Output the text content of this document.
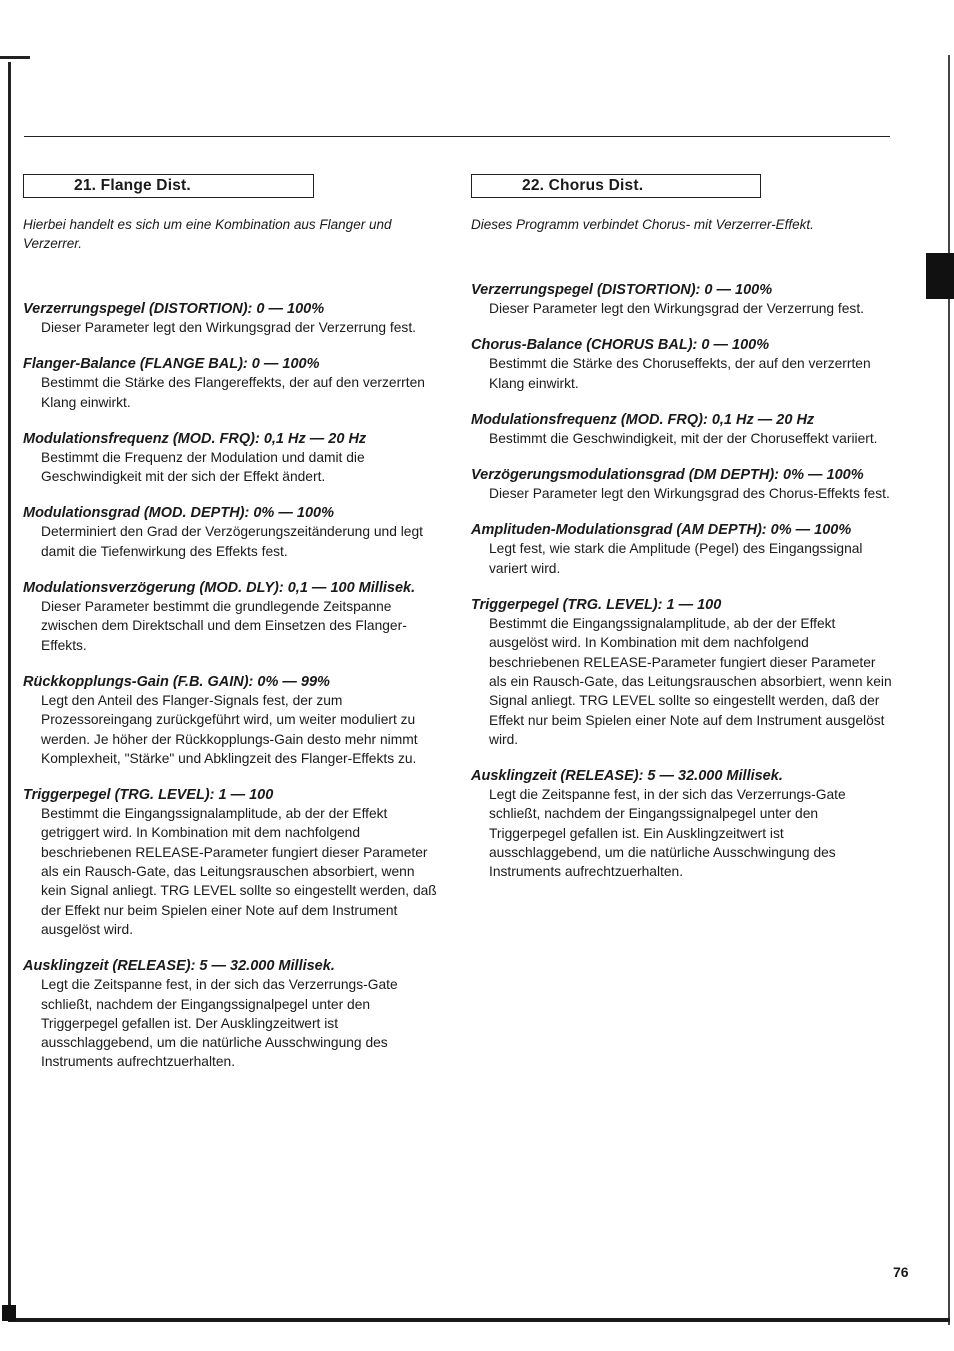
21. Flange Dist.

Hierbei handelt es sich um eine Kombination aus Flanger und Verzerrer.

Verzerrungspegel (DISTORTION): 0 — 100%

Dieser Parameter legt den Wirkungsgrad der Verzerrung fest.

Flanger-Balance (FLANGE BAL): 0 — 100%

Bestimmt die Stärke des Flangereffekts, der auf den verzerrten Klang einwirkt.

Modulationsfrequenz (MOD. FRQ): 0,1 Hz — 20 Hz

Bestimmt die Frequenz der Modulation und damit die Geschwindigkeit mit der sich der Effekt ändert.

Modulationsgrad (MOD. DEPTH): 0% — 100%

Determiniert den Grad der Verzögerungszeitänderung und legt damit die Tiefenwirkung des Effekts fest.

Modulationsverzögerung (MOD. DLY): 0,1 — 100 Millisek.

Dieser Parameter bestimmt die grundlegende Zeitspanne zwischen dem Direktschall und dem Einsetzen des Flanger-Effekts.

Rückkopplungs-Gain (F.B. GAIN): 0% — 99%

Legt den Anteil des Flanger-Signals fest, der zum Prozessoreingang zurückgeführt wird, um weiter moduliert zu werden. Je höher der Rückkopplungs-Gain desto mehr nimmt Komplexheit, "Stärke" und Abklingzeit des Flanger-Effekts zu.

Triggerpegel (TRG. LEVEL): 1 — 100

Bestimmt die Eingangssignalamplitude, ab der der Effekt getriggert wird. In Kombination mit dem nachfolgend beschriebenen RELEASE-Parameter fungiert dieser Parameter als ein Rausch-Gate, das Leitungsrauschen absorbiert, wenn kein Signal anliegt. TRG LEVEL sollte so eingestellt werden, daß der Effekt nur beim Spielen einer Note auf dem Instrument ausgelöst wird.

Ausklingzeit (RELEASE): 5 — 32.000 Millisek.

Legt die Zeitspanne fest, in der sich das Verzerrungs-Gate schließt, nachdem der Eingangssignalpegel unter den Triggerpegel gefallen ist. Der Ausklingzeitwert ist ausschlaggebend, um die natürliche Ausschwingung des Instruments aufrechtzuerhalten.

22. Chorus Dist.

Dieses Programm verbindet Chorus- mit Verzerrer-Effekt.

Verzerrungspegel (DISTORTION): 0 — 100%

Dieser Parameter legt den Wirkungsgrad der Verzerrung fest.

Chorus-Balance (CHORUS BAL): 0 — 100%

Bestimmt die Stärke des Choruseffekts, der auf den verzerrten Klang einwirkt.

Modulationsfrequenz (MOD. FRQ): 0,1 Hz — 20 Hz

Bestimmt die Geschwindigkeit, mit der der Choruseffekt variiert.

Verzögerungsmodulationsgrad (DM DEPTH): 0% — 100%

Dieser Parameter legt den Wirkungsgrad des Chorus-Effekts fest.

Amplituden-Modulationsgrad (AM DEPTH): 0% — 100%

Legt fest, wie stark die Amplitude (Pegel) des Eingangssignal variert wird.

Triggerpegel (TRG. LEVEL): 1 — 100

Bestimmt die Eingangssignalamplitude, ab der der Effekt ausgelöst wird. In Kombination mit dem nachfolgend beschriebenen RELEASE-Parameter fungiert dieser Parameter als ein Rausch-Gate, das Leitungsrauschen absorbiert, wenn kein Signal anliegt. TRG LEVEL sollte so eingestellt werden, daß der Effekt nur beim Spielen einer Note auf dem Instrument ausgelöst wird.

Ausklingzeit (RELEASE): 5 — 32.000 Millisek.

Legt die Zeitspanne fest, in der sich das Verzerrungs-Gate schließt, nachdem der Eingangssignalpegel unter den Triggerpegel gefallen ist. Ein Ausklingzeitwert ist ausschlaggebend, um die natürliche Ausschwingung des Instruments aufrechtzuerhalten.

76
